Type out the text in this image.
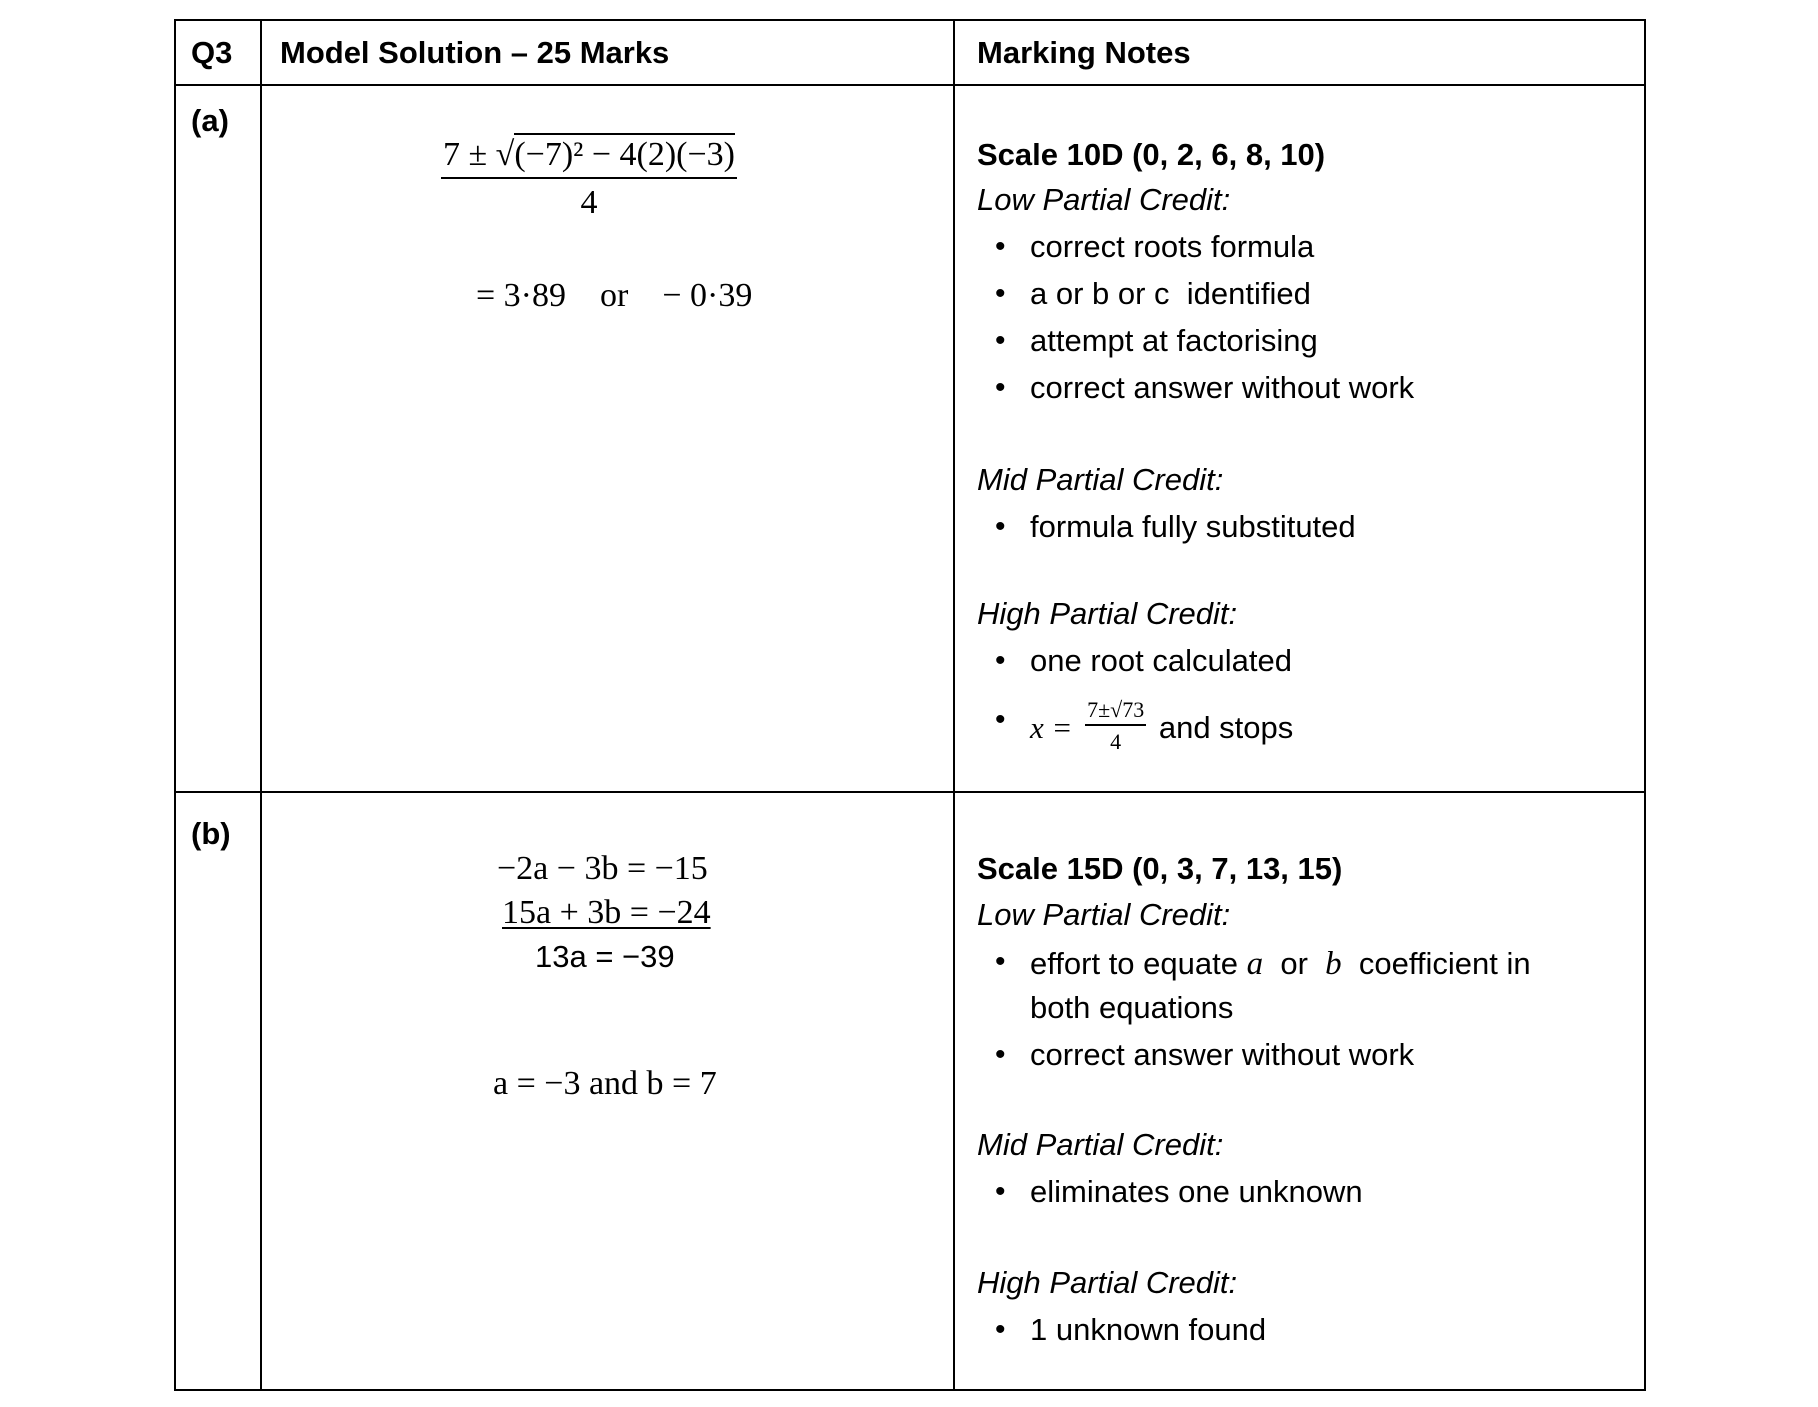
Q3 Model Solution – 25 Marks	Marking Notes
(a)
$\frac{\text{7 ± √(−7)² − 4(2)(−3)}}{4}$
= 3·89    or    − 0·39
Scale 10D (0, 2, 6, 8, 10)
Low Partial Credit:
• correct roots formula
• a or b or c  identified
• attempt at factorising
• correct answer without work
Mid Partial Credit:
• formula fully substituted
High Partial Credit:
• one root calculated
• $x = \frac{7\pm√73}{4}$ and stops
(b)
−2a − 3b = −15
15a + 3b = −24
13a = −39
a = −3 and b = 7
Scale 15D (0, 3, 7, 13, 15)
Low Partial Credit:
• effort to equate a or b coefficient in
both equations
• correct answer without work
Mid Partial Credit:
• eliminates one unknown
High Partial Credit:
• 1 unknown found
